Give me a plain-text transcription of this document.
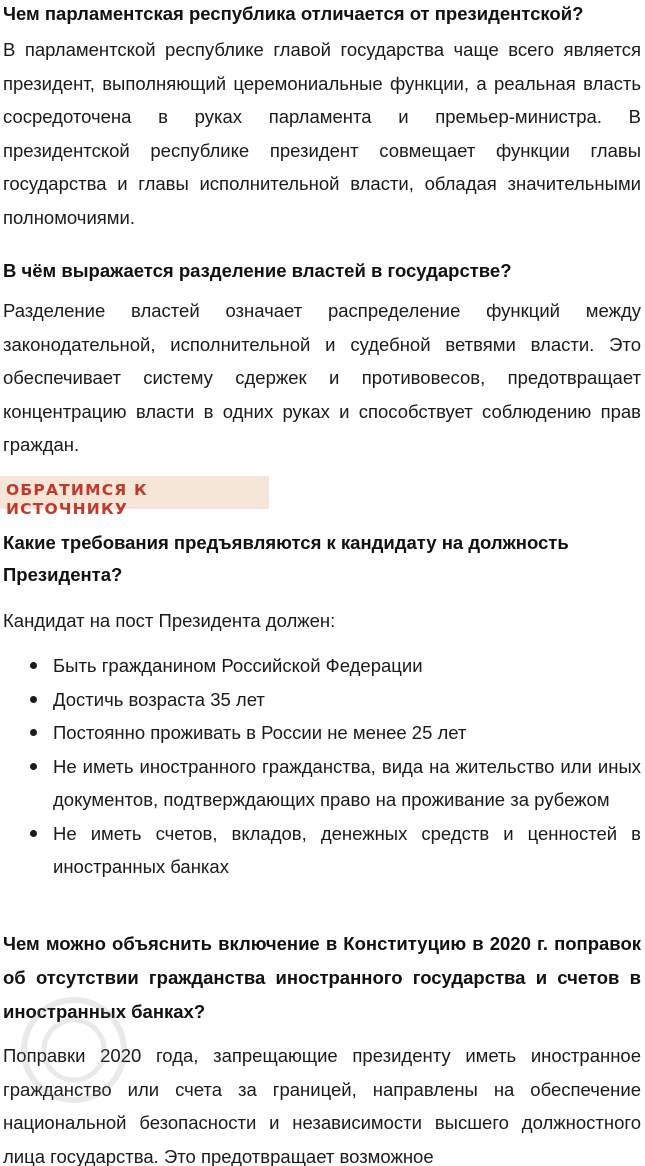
Чем парламентская республика отличается от президентской?

В парламентской республике главой государства чаще всего является президент, выполняющий церемониальные функции, а реальная власть сосредоточена в руках парламента и премьер-министра. В президентской республике президент совмещает функции главы государства и главы исполнительной власти, обладая значительными полномочиями.

В чём выражается разделение властей в государстве?

Разделение властей означает распределение функций между законодательной, исполнительной и судебной ветвями власти. Это обеспечивает систему сдержек и противовесов, предотвращает концентрацию власти в одних руках и способствует соблюдению прав граждан.

ОБРАТИМСЯ К ИСТОЧНИКУ
Какие требования предъявляются к кандидату на должность Президента?

Кандидат на пост Президента должен:

Быть гражданином Российской Федерации
Достичь возраста 35 лет
Постоянно проживать в России не менее 25 лет
Не иметь иностранного гражданства, вида на жительство или иных документов, подтверждающих право на проживание за рубежом
Не иметь счетов, вкладов, денежных средств и ценностей в иностранных банках
Чем можно объяснить включение в Конституцию в 2020 г. поправок об отсутствии гражданства иностранного государства и счетов в иностранных банках?

Поправки 2020 года, запрещающие президенту иметь иностранное гражданство или счета за границей, направлены на обеспечение национальной безопасности и независимости высшего должностного лица государства. Это предотвращает возможное
